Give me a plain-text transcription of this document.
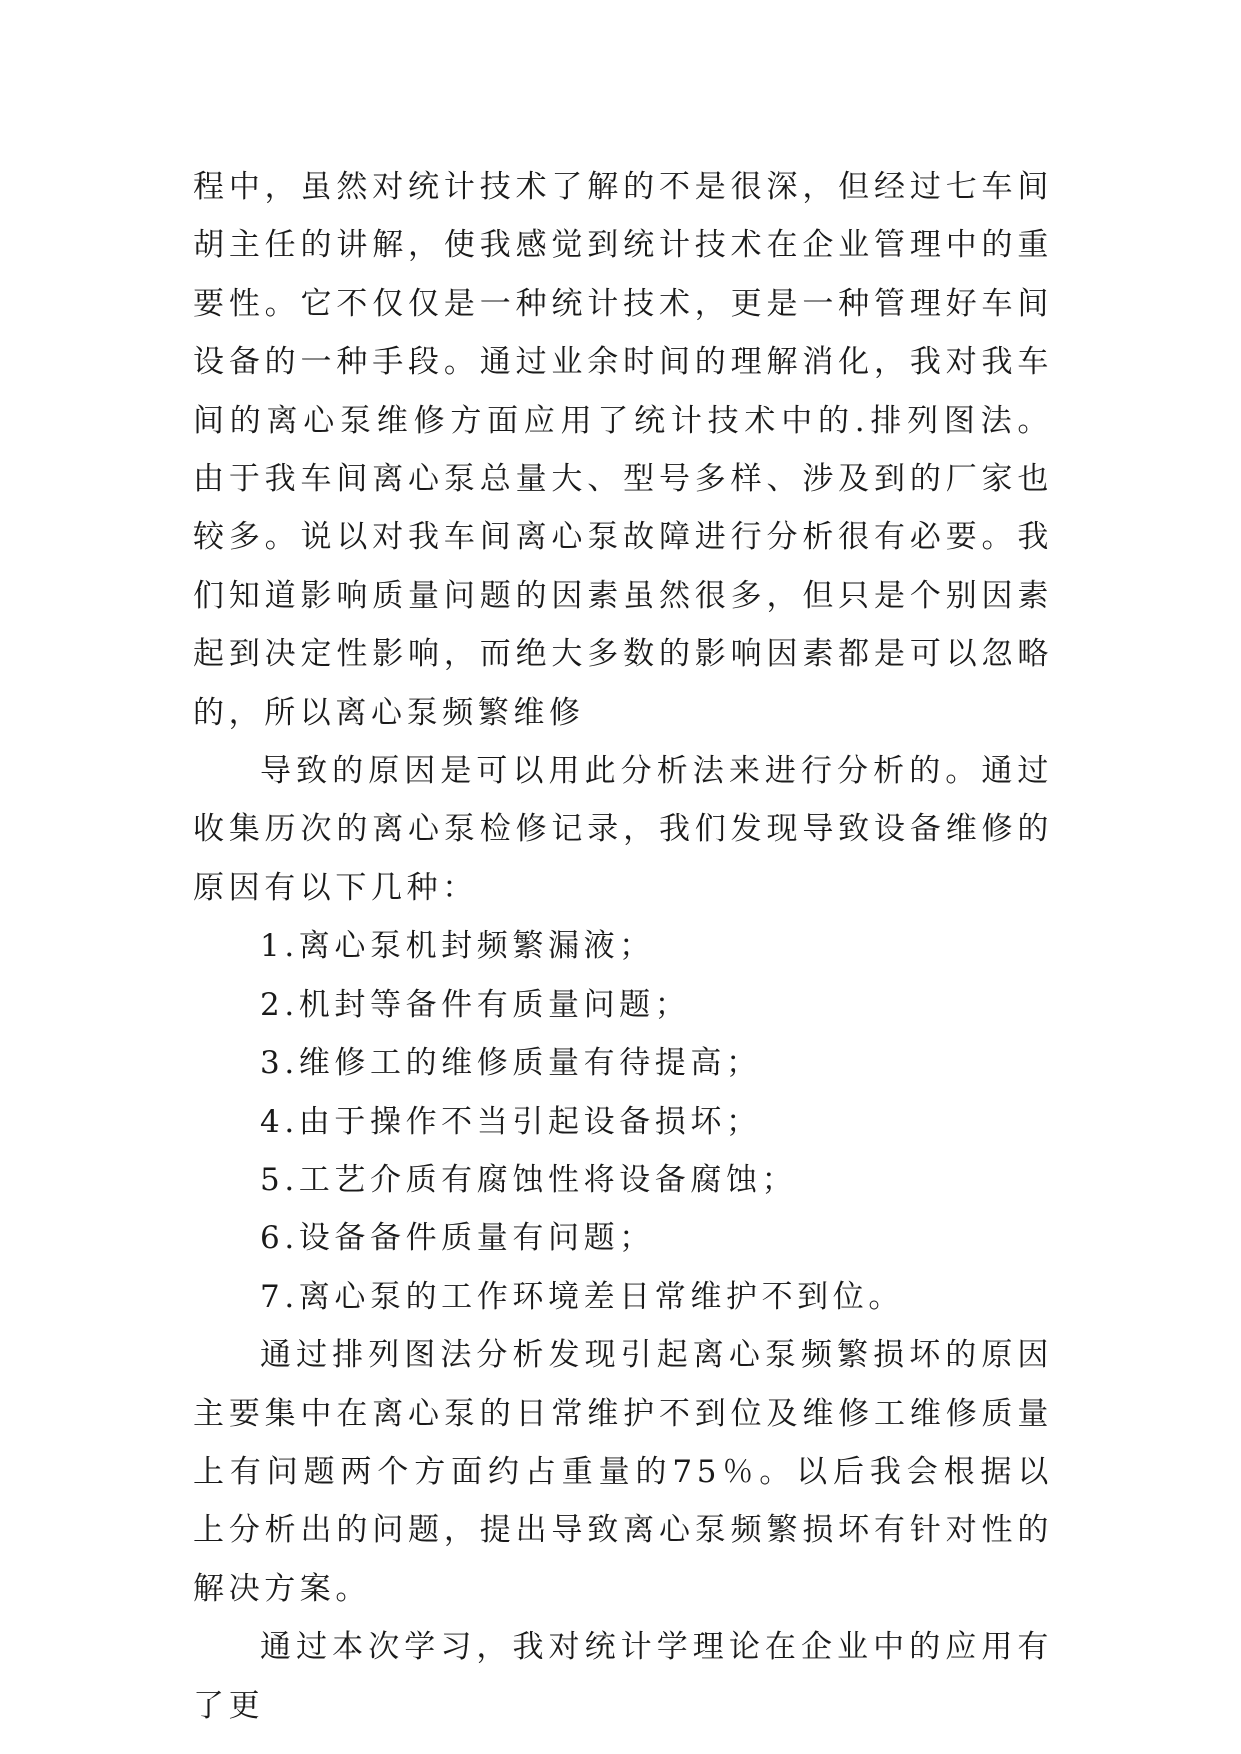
程中，虽然对统计技术了解的不是很深，但经过七车间胡主任的讲解，使我感觉到统计技术在企业管理中的重要性。它不仅仅是一种统计技术，更是一种管理好车间设备的一种手段。通过业余时间的理解消化，我对我车间的离心泵维修方面应用了统计技术中的.排列图法。由于我车间离心泵总量大、型号多样、涉及到的厂家也较多。说以对我车间离心泵故障进行分析很有必要。我们知道影响质量问题的因素虽然很多，但只是个别因素起到决定性影响，而绝大多数的影响因素都是可以忽略的，所以离心泵频繁维修

导致的原因是可以用此分析法来进行分析的。通过收集历次的离心泵检修记录，我们发现导致设备维修的原因有以下几种：

1.离心泵机封频繁漏液；
2.机封等备件有质量问题；
3.维修工的维修质量有待提高；
4.由于操作不当引起设备损坏；
5.工艺介质有腐蚀性将设备腐蚀；
6.设备备件质量有问题；
7.离心泵的工作环境差日常维护不到位。

通过排列图法分析发现引起离心泵频繁损坏的原因主要集中在离心泵的日常维护不到位及维修工维修质量上有问题两个方面约占重量的75％。以后我会根据以上分析出的问题，提出导致离心泵频繁损坏有针对性的解决方案。

通过本次学习，我对统计学理论在企业中的应用有了更
